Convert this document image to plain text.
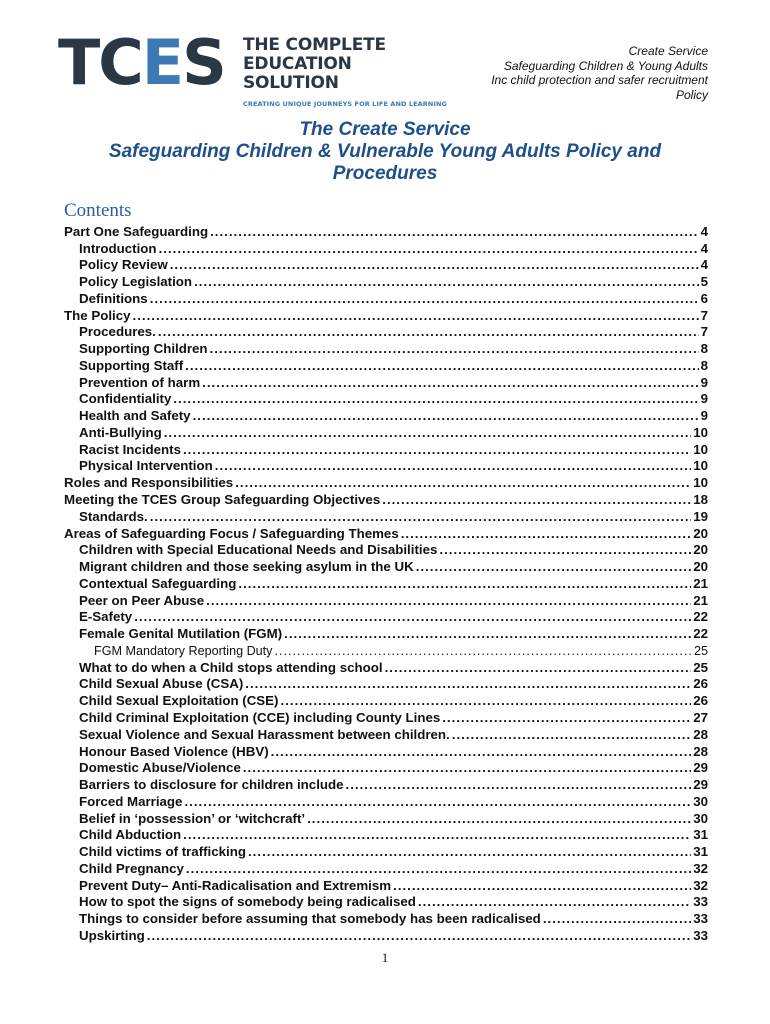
TCES THE COMPLETE
EDUCATION SOLUTION
CREATING UNIQUE JOURNEYS FOR LIFE AND LEARNING
Create Service
Safeguarding Children & Young Adults
Inc child protection and safer recruitment
Policy
The Create Service
Safeguarding Children & Vulnerable Young Adults Policy and
Procedures
Contents
Part One Safeguarding .....	4
Introduction .....	4
Policy Review .....	4
Policy Legislation .....	5
Definitions .....	6
The Policy .....	7
Procedures. .....	7
Supporting Children .....	8
Supporting Staff .....	8
Prevention of harm .....	9
Confidentiality .....	9
Health and Safety .....	9
Anti-Bullying .....	10
Racist Incidents .....	10
Physical Intervention .....	10
Roles and Responsibilities .....	10
Meeting the TCES Group Safeguarding Objectives .....	18
Standards. .....	19
Areas of Safeguarding Focus / Safeguarding Themes .....	20
Children with Special Educational Needs and Disabilities .....	20
Migrant children and those seeking asylum in the UK .....	20
Contextual Safeguarding .....	21
Peer on Peer Abuse .....	21
E-Safety .....	22
Female Genital Mutilation (FGM) .....	22
FGM Mandatory Reporting Duty .....	25
What to do when a Child stops attending school .....	25
Child Sexual Abuse (CSA) .....	26
Child Sexual Exploitation (CSE) .....	26
Child Criminal Exploitation (CCE) including County Lines .....	27
Sexual Violence and Sexual Harassment between children. .....	28
Honour Based Violence (HBV) .....	28
Domestic Abuse/Violence .....	29
Barriers to disclosure for children include .....	29
Forced Marriage .....	30
Belief in ‘possession’ or ‘witchcraft’ .....	30
Child Abduction .....	31
Child victims of trafficking .....	31
Child Pregnancy .....	32
Prevent Duty– Anti-Radicalisation and Extremism .....	32
How to spot the signs of somebody being radicalised .....	33
Things to consider before assuming that somebody has been radicalised .....	33
Upskirting .....	33
1
